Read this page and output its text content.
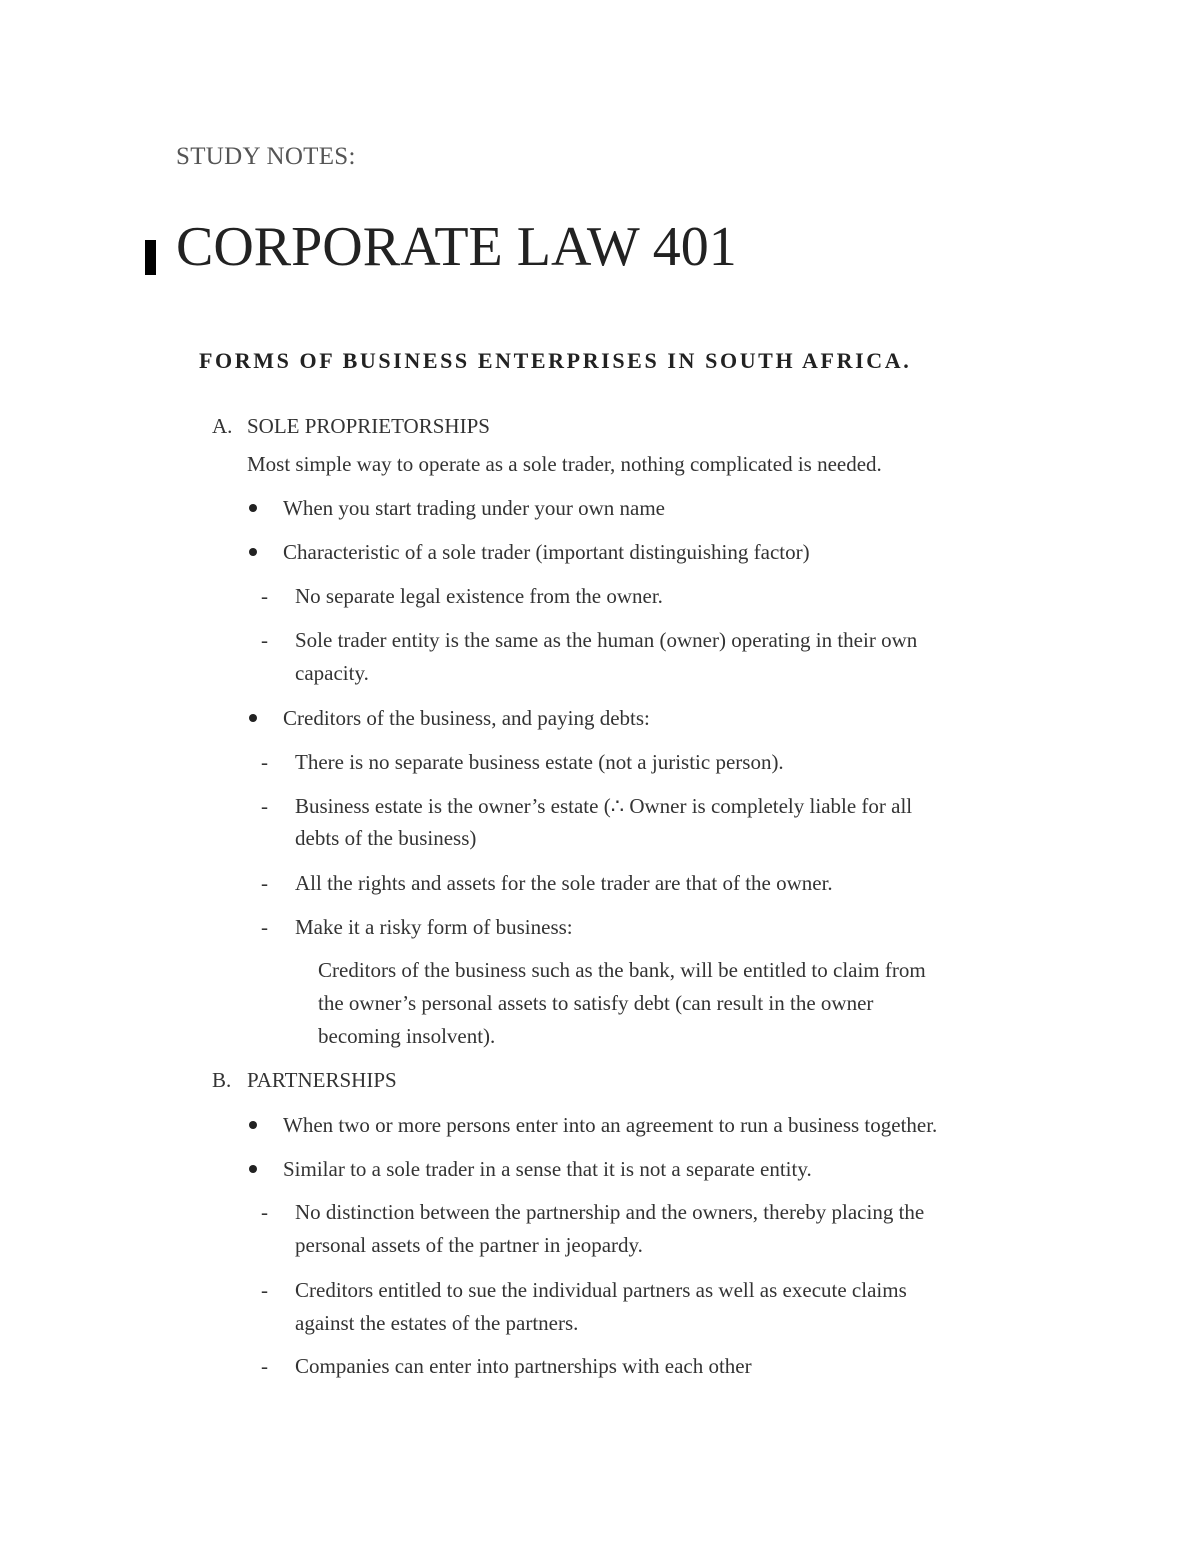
STUDY NOTES:
CORPORATE LAW 401
FORMS OF BUSINESS ENTERPRISES IN SOUTH AFRICA.
A. SOLE PROPRIETORSHIPS
Most simple way to operate as a sole trader, nothing complicated is needed.
When you start trading under your own name
Characteristic of a sole trader (important distinguishing factor)
- No separate legal existence from the owner.
- Sole trader entity is the same as the human (owner) operating in their own
capacity.
Creditors of the business, and paying debts:
- There is no separate business estate (not a juristic person).
- Business estate is the owner’s estate (∴ Owner is completely liable for all
debts of the business)
- All the rights and assets for the sole trader are that of the owner.
- Make it a risky form of business:
Creditors of the business such as the bank, will be entitled to claim from
the owner’s personal assets to satisfy debt (can result in the owner
becoming insolvent).
B. PARTNERSHIPS
When two or more persons enter into an agreement to run a business together.
Similar to a sole trader in a sense that it is not a separate entity.
- No distinction between the partnership and the owners, thereby placing the
personal assets of the partner in jeopardy.
- Creditors entitled to sue the individual partners as well as execute claims
against the estates of the partners.
- Companies can enter into partnerships with each other
